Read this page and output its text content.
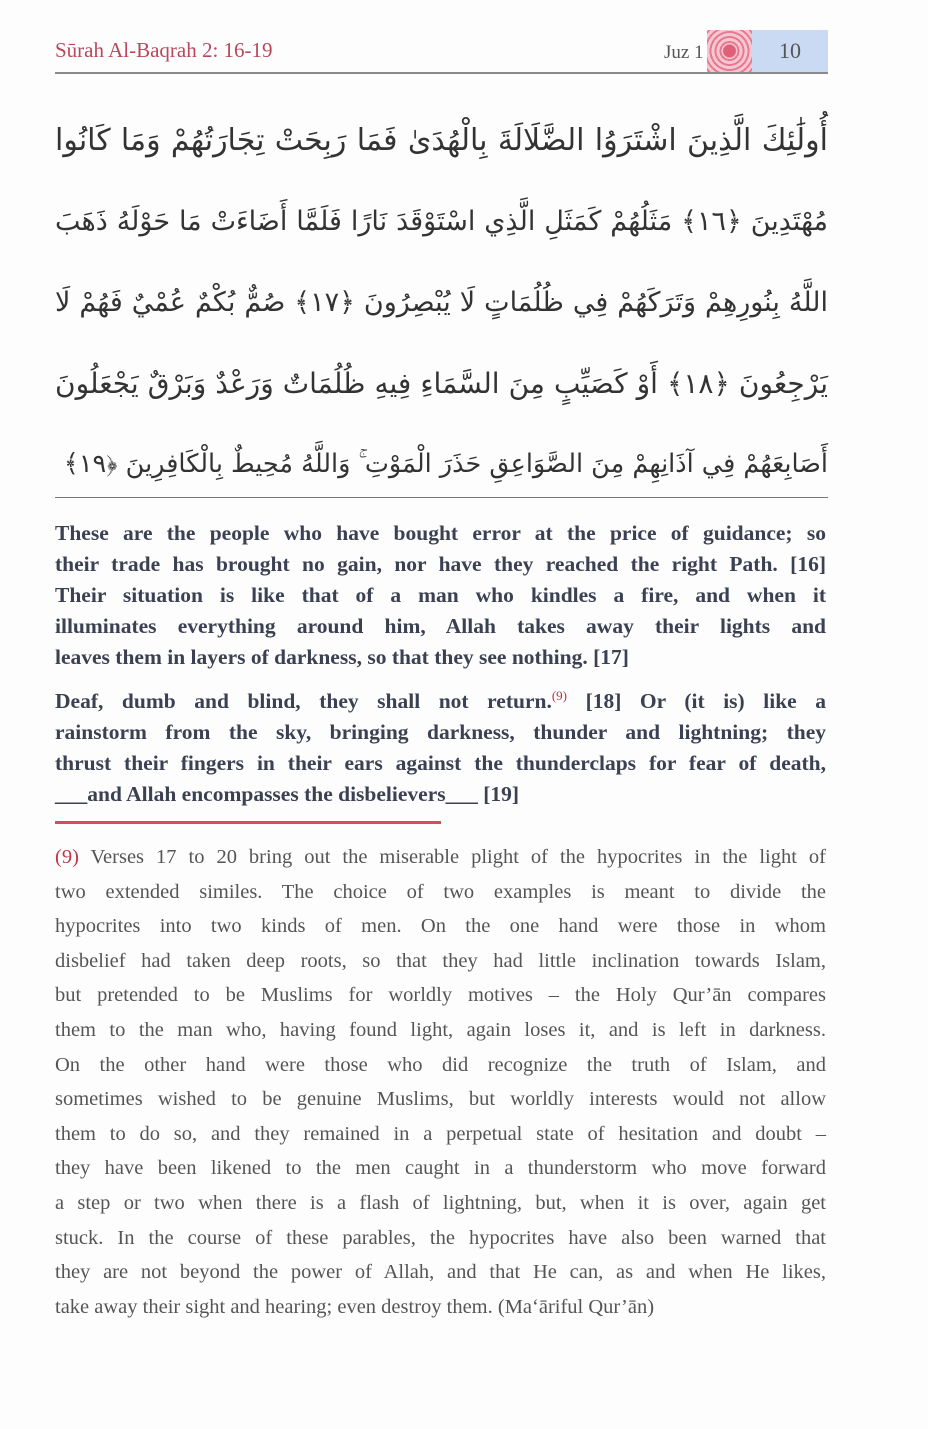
Sūrah Al-Baqrah 2: 16-19	Juz 1	10
أُولَٰئِكَ الَّذِينَ اشْتَرَوُا الضَّلَالَةَ بِالْهُدَىٰ فَمَا رَبِحَتْ تِجَارَتُهُمْ وَمَا كَانُوا
مُهْتَدِينَ ﴿١٦﴾ مَثَلُهُمْ كَمَثَلِ الَّذِي اسْتَوْقَدَ نَارًا فَلَمَّا أَضَاءَتْ مَا حَوْلَهُ ذَهَبَ
اللَّهُ بِنُورِهِمْ وَتَرَكَهُمْ فِي ظُلُمَاتٍ لَا يُبْصِرُونَ ﴿١٧﴾ صُمٌّ بُكْمٌ عُمْيٌ فَهُمْ لَا
يَرْجِعُونَ ﴿١٨﴾ أَوْ كَصَيِّبٍ مِنَ السَّمَاءِ فِيهِ ظُلُمَاتٌ وَرَعْدٌ وَبَرْقٌ يَجْعَلُونَ
أَصَابِعَهُمْ فِي آذَانِهِمْ مِنَ الصَّوَاعِقِ حَذَرَ الْمَوْتِ ۚ وَاللَّهُ مُحِيطٌ بِالْكَافِرِينَ ﴿١٩﴾
These are the people who have bought error at the price of guidance; so
their trade has brought no gain, nor have they reached the right Path. [16]
Their situation is like that of a man who kindles a fire, and when it
illuminates everything around him, Allah takes away their lights and
leaves them in layers of darkness, so that they see nothing. [17]
Deaf, dumb and blind, they shall not return.$^{(9)}$ [18] Or (it is) like a
rainstorm from the sky, bringing darkness, thunder and lightning; they
thrust their fingers in their ears against the thunderclaps for fear of death,
___and Allah encompasses the disbelievers___ [19]
(9) Verses 17 to 20 bring out the miserable plight of the hypocrites in the light of
two extended similes. The choice of two examples is meant to divide the
hypocrites into two kinds of men. On the one hand were those in whom
disbelief had taken deep roots, so that they had little inclination towards Islam,
but pretended to be Muslims for worldly motives – the Holy Qur’ān compares
them to the man who, having found light, again loses it, and is left in darkness.
On the other hand were those who did recognize the truth of Islam, and
sometimes wished to be genuine Muslims, but worldly interests would not allow
them to do so, and they remained in a perpetual state of hesitation and doubt –
they have been likened to the men caught in a thunderstorm who move forward
a step or two when there is a flash of lightning, but, when it is over, again get
stuck. In the course of these parables, the hypocrites have also been warned that
they are not beyond the power of Allah, and that He can, as and when He likes,
take away their sight and hearing; even destroy them. (Ma‘āriful Qur’ān)
